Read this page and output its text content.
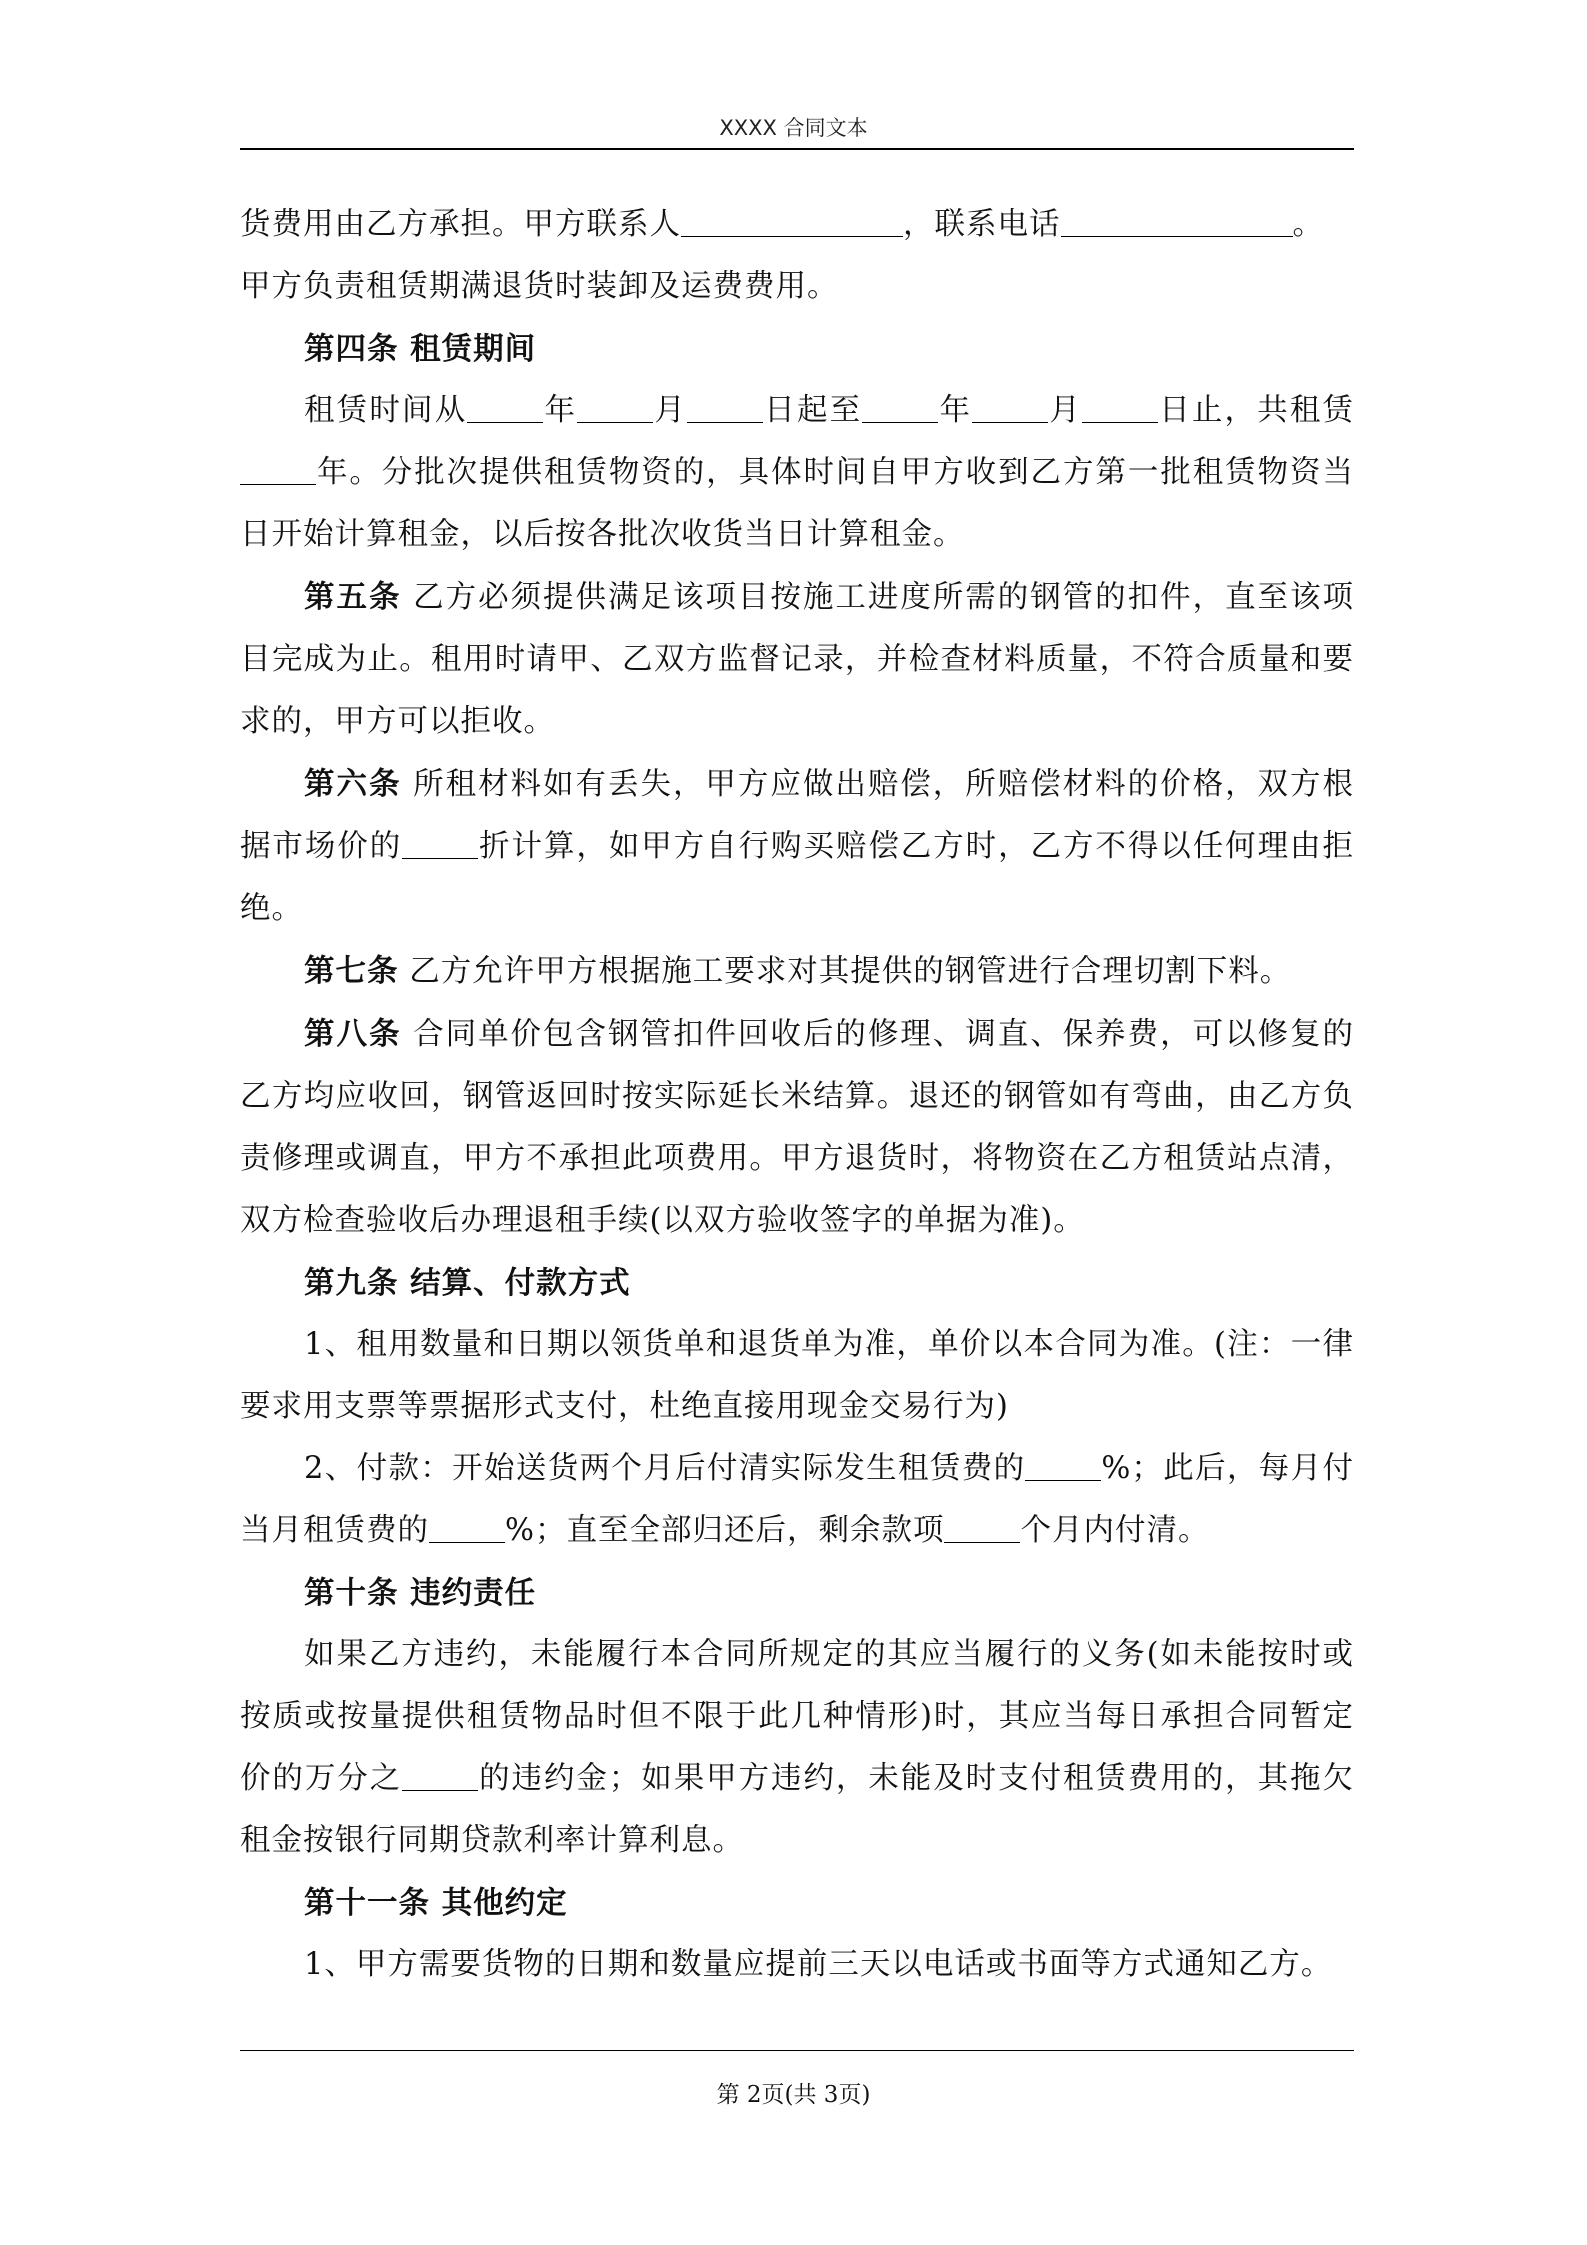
XXXX 合同文本

货费用由乙方承担。甲方联系人	，联系电话	。

甲方负责租赁期满退货时装卸及运费费用。

第四条 租赁期间

租赁时间从 年 月 日起至 年 月 日止，共租赁年。分批次提供租赁物资的，具体时间自甲方收到乙方第一批租赁物资当日开始计算租金，以后按各批次收货当日计算租金。

第五条 乙方必须提供满足该项目按施工进度所需的钢管的扣件，直至该项目完成为止。租用时请甲、乙双方监督记录，并检查材料质量，不符合质量和要求的，甲方可以拒收。

第六条 所租材料如有丢失，甲方应做出赔偿，所赔偿材料的价格，双方根据市场价的 折计算，如甲方自行购买赔偿乙方时，乙方不得以任何理由拒绝。

第七条 乙方允许甲方根据施工要求对其提供的钢管进行合理切割下料。

第八条 合同单价包含钢管扣件回收后的修理、调直、保养费，可以修复的乙方均应收回，钢管返回时按实际延长米结算。退还的钢管如有弯曲，由乙方负责修理或调直，甲方不承担此项费用。甲方退货时，将物资在乙方租赁站点清，双方检查验收后办理退租手续(以双方验收签字的单据为准)。

第九条 结算、付款方式

1、租用数量和日期以领货单和退货单为准，单价以本合同为准。(注：一律要求用支票等票据形式支付，杜绝直接用现金交易行为)

2、付款：开始送货两个月后付清实际发生租赁费的 %；此后，每月付当月租赁费的 %；直至全部归还后，剩余款项 个月内付清。

第十条 违约责任

如果乙方违约，未能履行本合同所规定的其应当履行的义务(如未能按时或按质或按量提供租赁物品时但不限于此几种情形)时，其应当每日承担合同暂定价的万分之 的违约金；如果甲方违约，未能及时支付租赁费用的，其拖欠租金按银行同期贷款利率计算利息。

第十一条 其他约定

1、甲方需要货物的日期和数量应提前三天以电话或书面等方式通知乙方。

第 2页(共 3页)
